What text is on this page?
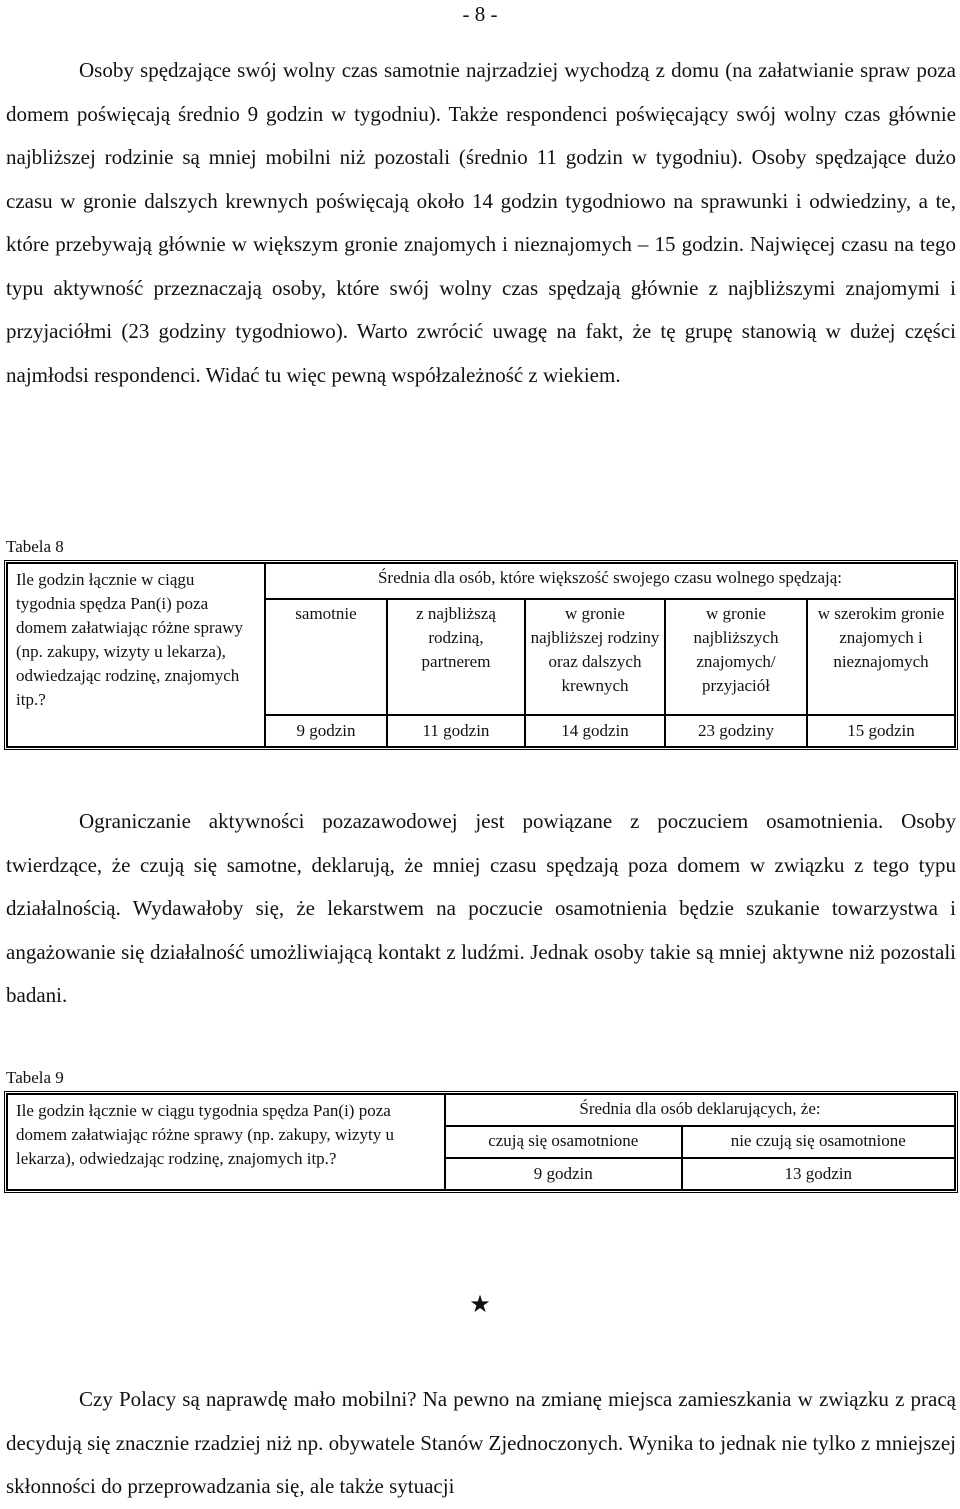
- 8 -

Osoby spędzające swój wolny czas samotnie najrzadziej wychodzą z domu (na załatwianie spraw poza domem poświęcają średnio 9 godzin w tygodniu). Także respondenci poświęcający swój wolny czas głównie najbliższej rodzinie są mniej mobilni niż pozostali (średnio 11 godzin w tygodniu). Osoby spędzające dużo czasu w gronie dalszych krewnych poświęcają około 14 godzin tygodniowo na sprawunki i odwiedziny, a te, które przebywają głównie w większym gronie znajomych i nieznajomych – 15 godzin. Najwięcej czasu na tego typu aktywność przeznaczają osoby, które swój wolny czas spędzają głównie z najbliższymi znajomymi i przyjaciółmi (23 godziny tygodniowo). Warto zwrócić uwagę na fakt, że tę grupę stanowią w dużej części najmłodsi respondenci. Widać tu więc pewną współzależność z wiekiem.

Tabela 8
Ile godzin łącznie w ciągu tygodnia spędza Pan(i) poza domem załatwiając różne sprawy (np. zakupy, wizyty u lekarza), odwiedzając rodzinę, znajomych itp.?	Średnia dla osób, które większość swojego czasu wolnego spędzają:				
	samotnie	z najbliższą rodziną, partnerem	w gronie najbliższej rodziny oraz dalszych krewnych	w gronie najbliższych znajomych/ przyjaciół	w szerokim gronie znajomych i nieznajomych
	9 godzin	11 godzin	14 godzin	23 godziny	15 godzin

Ograniczanie aktywności pozazawodowej jest powiązane z poczuciem osamotnienia. Osoby twierdzące, że czują się samotne, deklarują, że mniej czasu spędzają poza domem w związku z tego typu działalnością. Wydawałoby się, że lekarstwem na poczucie osamotnienia będzie szukanie towarzystwa i angażowanie się działalność umożliwiającą kontakt z ludźmi. Jednak osoby takie są mniej aktywne niż pozostali badani.

Tabela 9
Ile godzin łącznie w ciągu tygodnia spędza Pan(i) poza domem załatwiając różne sprawy (np. zakupy, wizyty u lekarza), odwiedzając rodzinę, znajomych itp.?	Średnia dla osób deklarujących, że:	
	czują się osamotnione	nie czują się osamotnione
	9 godzin	13 godzin
★

Czy Polacy są naprawdę mało mobilni? Na pewno na zmianę miejsca zamieszkania w związku z pracą decydują się znacznie rzadziej niż np. obywatele Stanów Zjednoczonych. Wynika to jednak nie tylko z mniejszej skłonności do przeprowadzania się, ale także sytuacji
